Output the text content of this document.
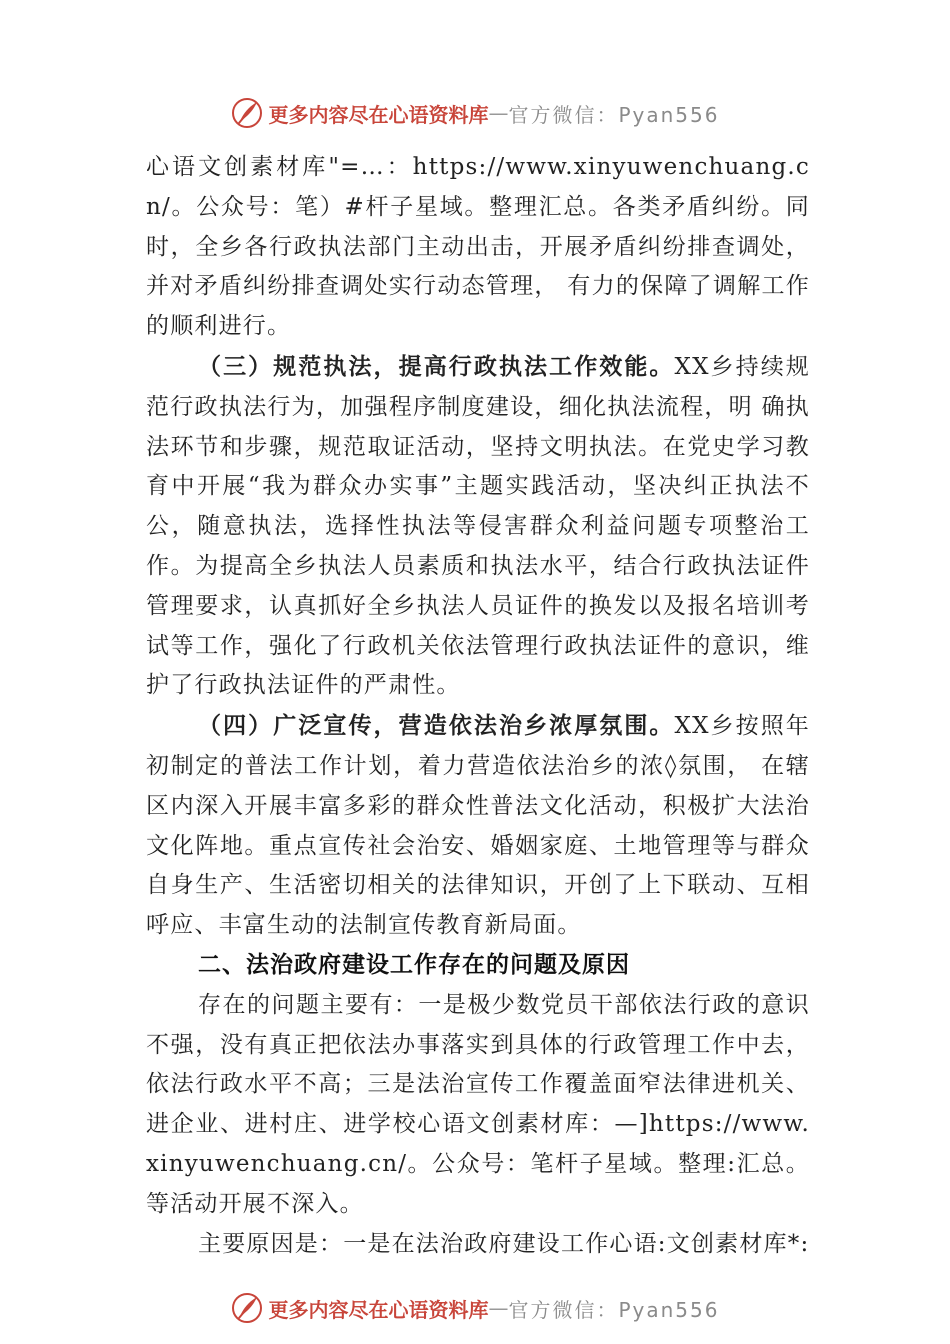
更多内容尽在心语资料库 — 官方微信：Pyan556

心语文创素材库"=…：https://www.xinyuwenchuang.cn/。公众号：笔）#杆子星域。整理汇总。各类矛盾纠纷。同时，全乡各行政执法部门主动出击，开展矛盾纠纷排查调处，并对矛盾纠纷排查调处实行动态管理， 有力的保障了调解工作的顺利进行。

（三）规范执法，提高行政执法工作效能。XX乡持续规范行政执法行为，加强程序制度建设，细化执法流程，明 确执法环节和步骤，规范取证活动，坚持文明执法。在党史学习教育中开展“我为群众办实事”主题实践活动，坚决纠正执法不公，随意执法，选择性执法等侵害群众利益问题专项整治工作。为提高全乡执法人员素质和执法水平，结合行政执法证件管理要求，认真抓好全乡执法人员证件的换发以及报名培训考试等工作，强化了行政机关依法管理行政执法证件的意识，维护了行政执法证件的严肃性。

（四）广泛宣传，营造依法治乡浓厚氛围。XX乡按照年初制定的普法工作计划，着力营造依法治乡的浓◊氛围， 在辖区内深入开展丰富多彩的群众性普法文化活动，积极扩大法治文化阵地。重点宣传社会治安、婚姻家庭、土地管理等与群众自身生产、生活密切相关的法律知识，开创了上下联动、互相呼应、丰富生动的法制宣传教育新局面。

二、法治政府建设工作存在的问题及原因

存在的问题主要有：一是极少数党员干部依法行政的意识不强，没有真正把依法办事落实到具体的行政管理工作中去，依法行政水平不高；三是法治宣传工作覆盖面窄法律进机关、进企业、进村庄、进学校心语文创素材库：—]https://www.xinyuwenchuang.cn/。公众号：笔杆子星域。整理:汇总。等活动开展不深入。

主要原因是：一是在法治政府建设工作心语:文创素材库*:

更多内容尽在心语资料库 — 官方微信：Pyan556
